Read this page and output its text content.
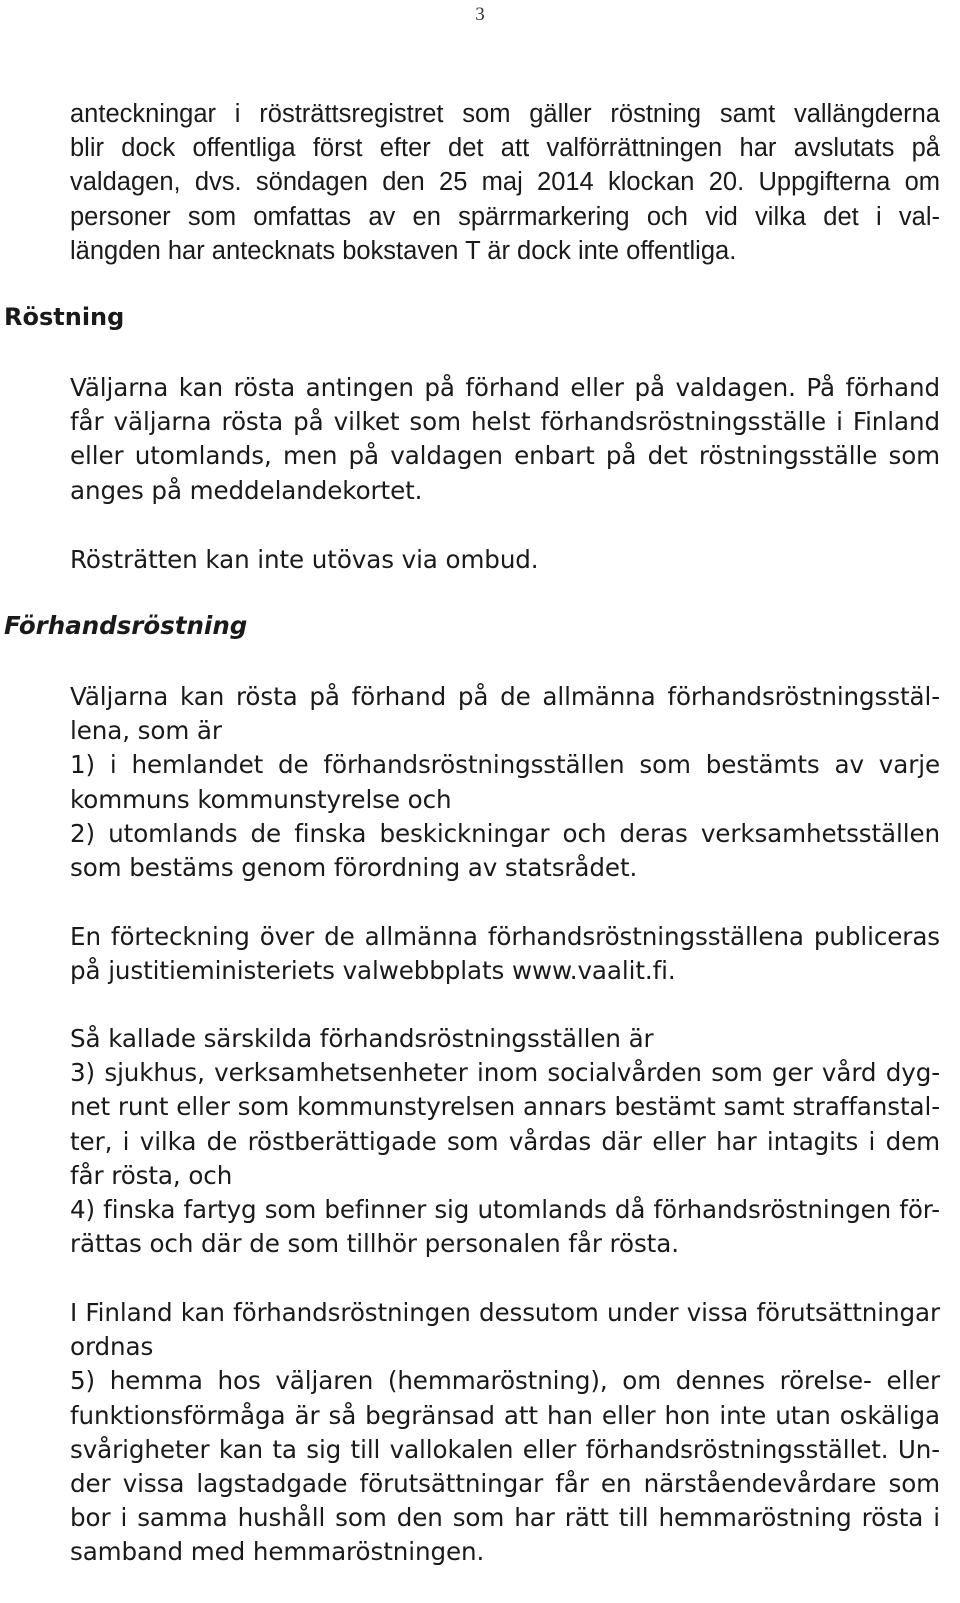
3

anteckningar i rösträttsregistret som gäller röstning samt vallängderna
blir dock offentliga först efter det att valförrättningen har avslutats på
valdagen, dvs. söndagen den 25 maj 2014 klockan 20. Uppgifterna om
personer som omfattas av en spärrmarkering och vid vilka det i val-
längden har antecknats bokstaven T är dock inte offentliga.

Röstning

Väljarna kan rösta antingen på förhand eller på valdagen. På förhand
får väljarna rösta på vilket som helst förhandsröstningsställe i Finland
eller utomlands, men på valdagen enbart på det röstningsställe som
anges på meddelandekortet.

Rösträtten kan inte utövas via ombud.

Förhandsröstning

Väljarna kan rösta på förhand på de allmänna förhandsröstningsstäl-
lena, som är
1) i hemlandet de förhandsröstningsställen som bestämts av varje
kommuns kommunstyrelse och
2) utomlands de finska beskickningar och deras verksamhetsställen
som bestäms genom förordning av statsrådet.

En förteckning över de allmänna förhandsröstningsställena publiceras
på justitieministeriets valwebbplats www.vaalit.fi.

Så kallade särskilda förhandsröstningsställen är
3) sjukhus, verksamhetsenheter inom socialvården som ger vård dyg-
net runt eller som kommunstyrelsen annars bestämt samt straffanstal-
ter, i vilka de röstberättigade som vårdas där eller har intagits i dem
får rösta, och
4) finska fartyg som befinner sig utomlands då förhandsröstningen för-
rättas och där de som tillhör personalen får rösta.

I Finland kan förhandsröstningen dessutom under vissa förutsättningar
ordnas
5) hemma hos väljaren (hemmaröstning), om dennes rörelse- eller
funktionsförmåga är så begränsad att han eller hon inte utan oskäliga
svårigheter kan ta sig till vallokalen eller förhandsröstningsstället. Un-
der vissa lagstadgade förutsättningar får en närståendevårdare som
bor i samma hushåll som den som har rätt till hemmaröstning rösta i
samband med hemmaröstningen.
